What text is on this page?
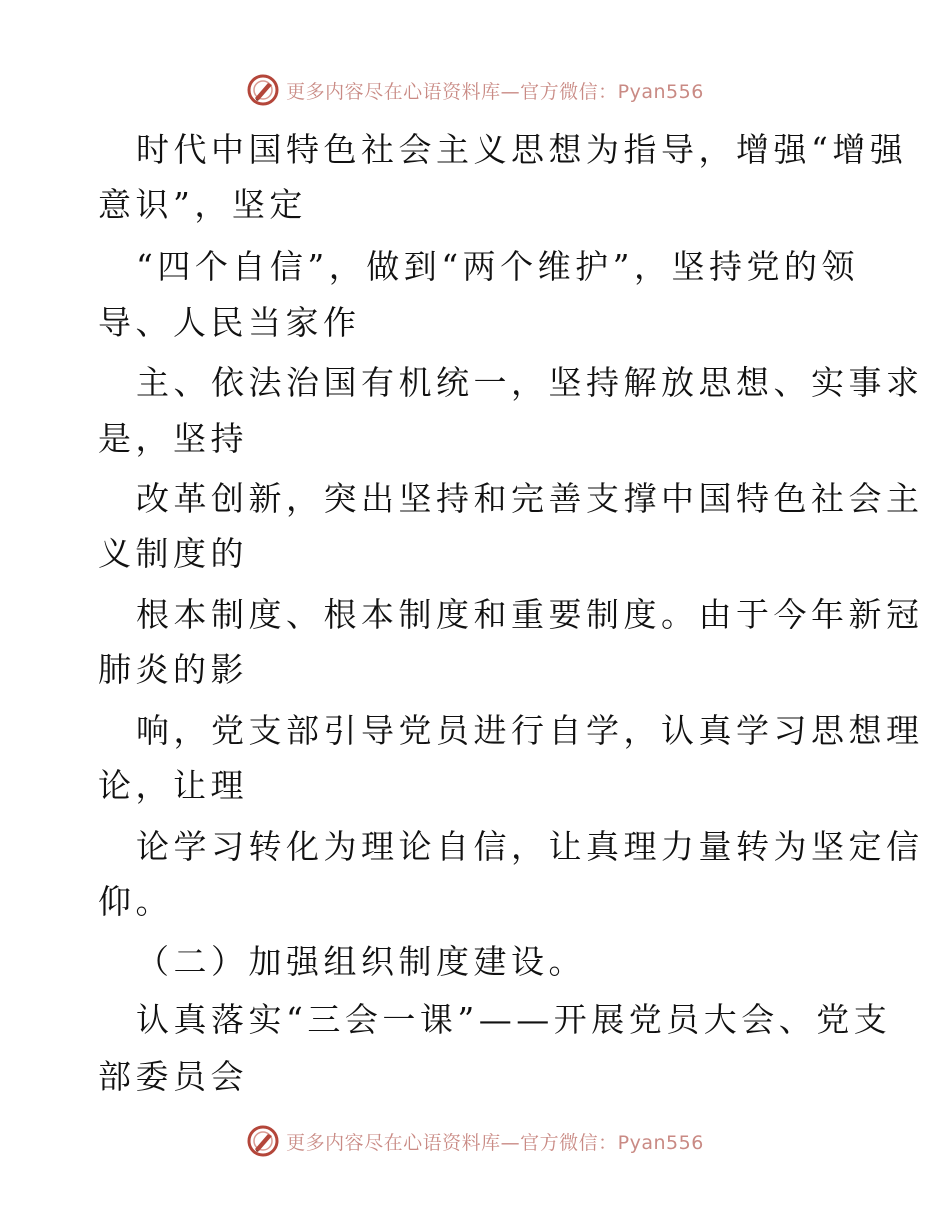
更多内容尽在心语资料库—官方微信：Pyan556
时代中国特色社会主义思想为指导，增强“增强
意识”，坚定
“四个自信”，做到“两个维护”，坚持党的领
导、人民当家作
主、依法治国有机统一，坚持解放思想、实事求
是，坚持
改革创新，突出坚持和完善支撑中国特色社会主
义制度的
根本制度、根本制度和重要制度。由于今年新冠
肺炎的影
响，党支部引导党员进行自学，认真学习思想理
论，让理
论学习转化为理论自信，让真理力量转为坚定信
仰。
（二）加强组织制度建设。
认真落实“三会一课”——开展党员大会、党支
部委员会
更多内容尽在心语资料库—官方微信：Pyan556
